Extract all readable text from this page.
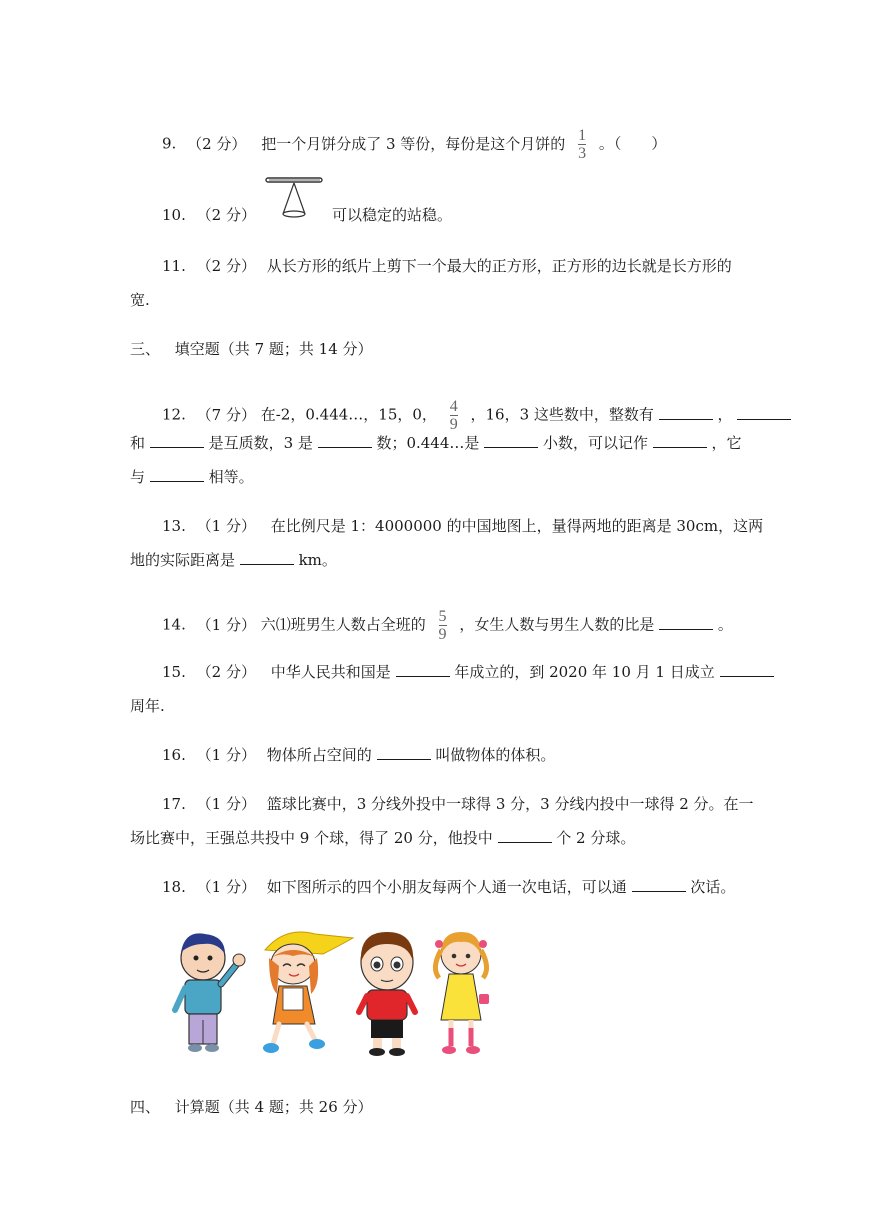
9. （2 分） 把一个月饼分成了 3 等份，每份是这个月饼的 $\frac{1}{3}$ 。（　　）
10. （2 分）	可以稳定的站稳。
11. （2 分） 从长方形的纸片上剪下一个最大的正方形，正方形的边长就是长方形的
宽.
三、 填空题（共 7 题；共 14 分）
12. （7 分） 在-2，0.444…，15，0， $\frac{4}{9}$ ，16，3 这些数中，整数有	，
和	是互质数，3 是	数；0.444…是	小数，可以记作	，它
与	相等。
13. （1 分） 在比例尺是 1：4000000 的中国地图上，量得两地的距离是 30cm，这两
地的实际距离是	km。
14. （1 分） 六⑴班男生人数占全班的 $\frac{5}{9}$ ，女生人数与男生人数的比是	。
15. （2 分） 中华人民共和国是	年成立的，到 2020 年 10 月 1 日成立
周年.
16. （1 分） 物体所占空间的	叫做物体的体积。
17. （1 分） 篮球比赛中，3 分线外投中一球得 3 分，3 分线内投中一球得 2 分。在一
场比赛中，王强总共投中 9 个球，得了 20 分，他投中	个 2 分球。
18. （1 分） 如下图所示的四个小朋友每两个人通一次电话，可以通	次话。
四、 计算题（共 4 题；共 26 分）
